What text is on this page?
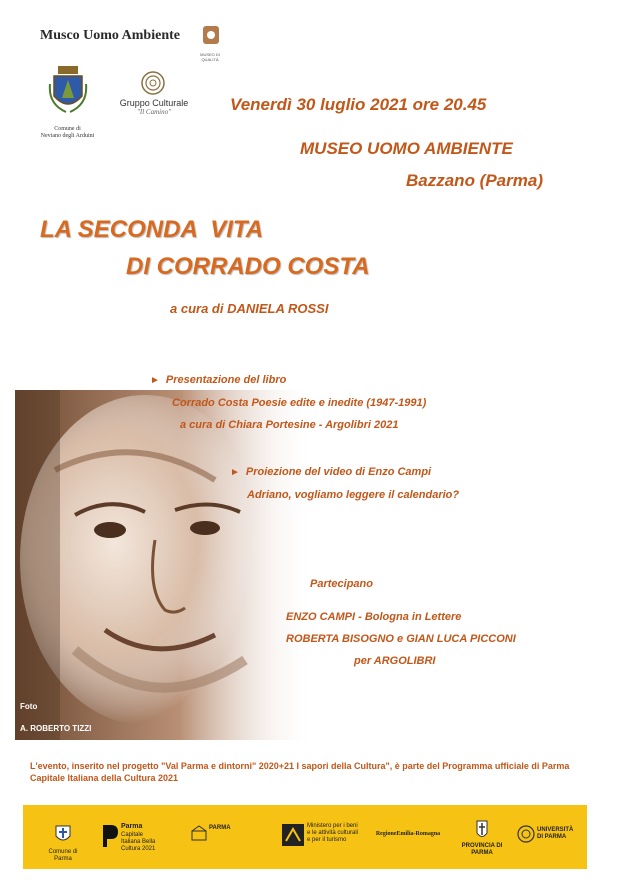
Musco Uomo Ambiente
MUSEO DI QUALITÀ
Comune di
Neviano degli Arduini
Gruppo Culturale
"Il Camino"	Venerdì 30 luglio 2021 ore 20.45
MUSEO UOMO AMBIENTE
Bazzano (Parma)
LA SECONDA  VITA
DI CORRADO COSTA
a cura di DANIELA ROSSI
Foto
A. ROBERTO TIZZI
► Presentazione del libro
Corrado Costa Poesie edite e inedite (1947-1991)
a cura di Chiara Portesine - Argolibri 2021
► Proiezione del video di Enzo Campi
Adriano, vogliamo leggere il calendario?
Partecipano
ENZO CAMPI - Bologna in Lettere
ROBERTA BISOGNO e GIAN LUCA PICCONI
per ARGOLIBRI
L'evento, inserito nel progetto "Val Parma e dintorni" 2020+21 I sapori della Cultura", è parte del Programma ufficiale di Parma Capitale Italiana della Cultura 2021
Comune di Parma
Parma
Capitale Italiana Bella Cultura 2021
PARMA	Ministero per i beni e le attività culturali e per il turismo
RegioneEmilia-Romagna
PROVINCIA DI PARMA
UNIVERSITÀ DI PARMA
